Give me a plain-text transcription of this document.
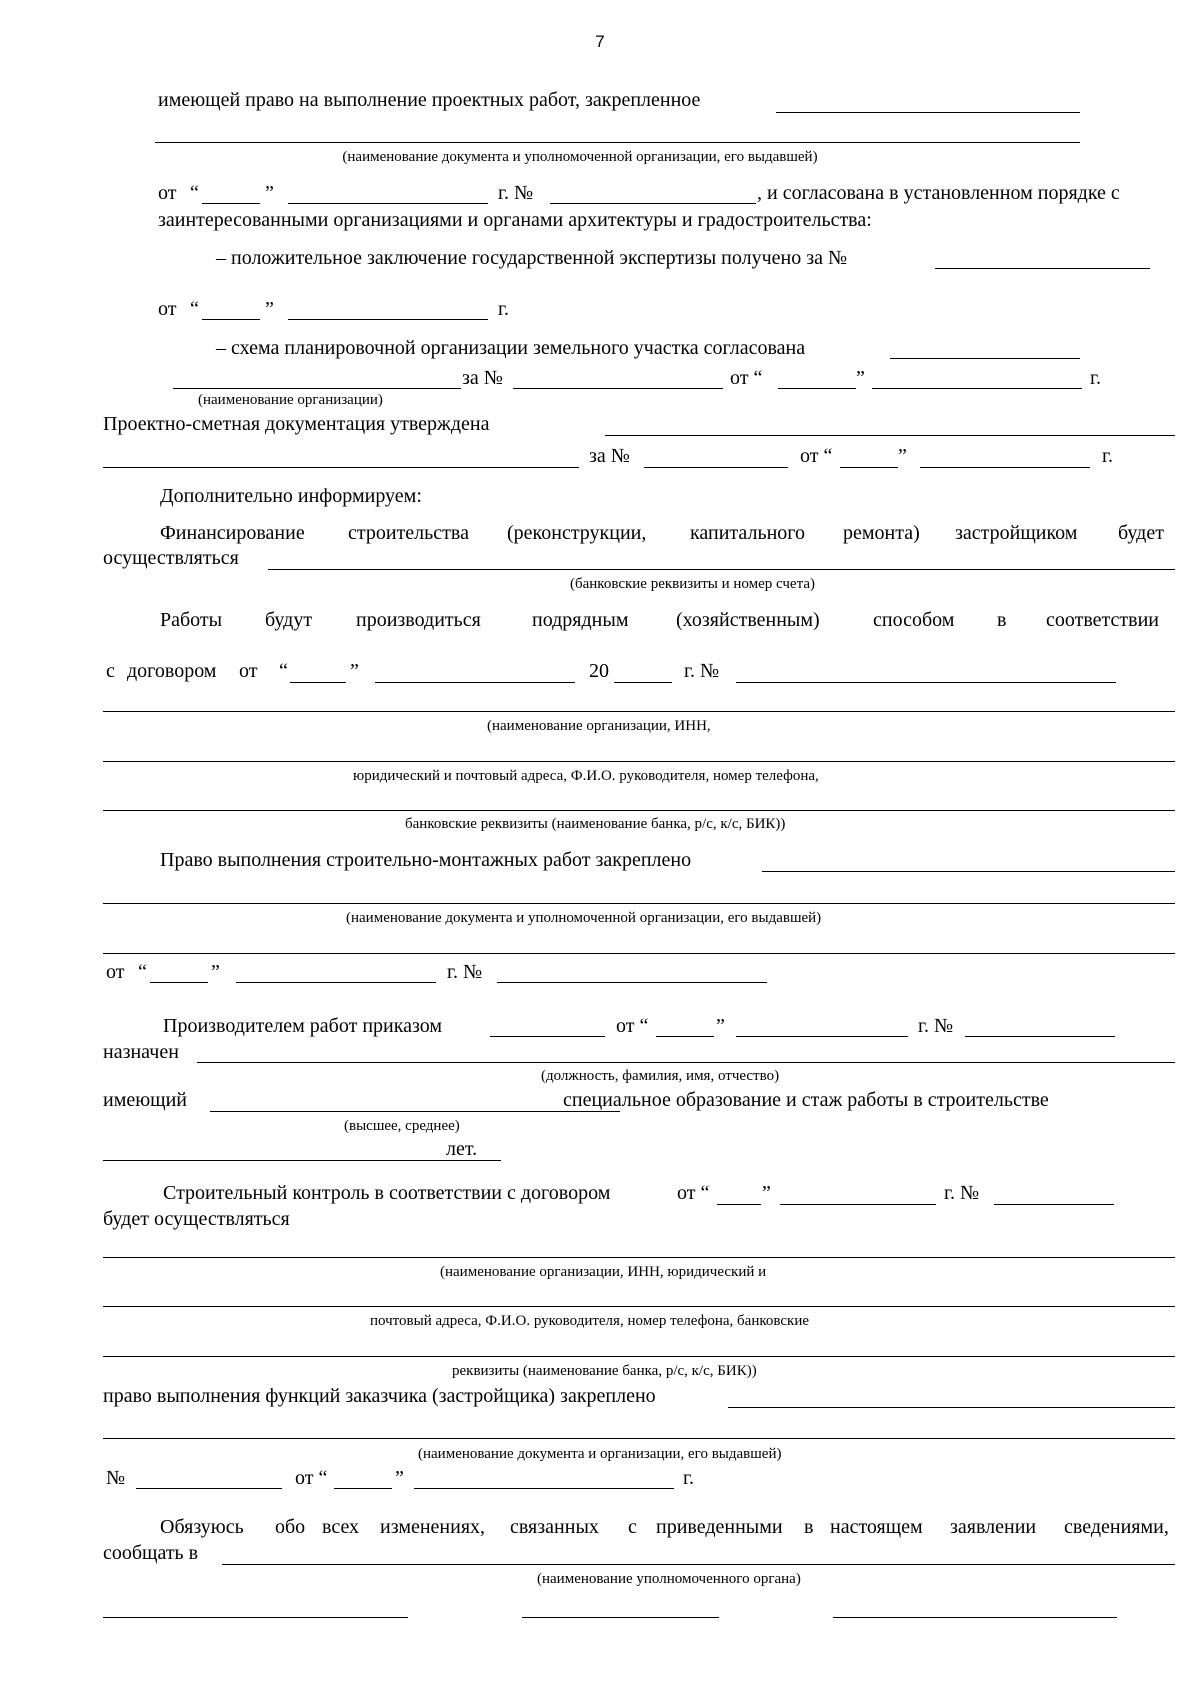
7
имеющей право на выполнение проектных работ, закрепленное
(наименование документа и уполномоченной организации, его выдавшей)
от “	”	г. №	, и согласована в установленном порядке с
заинтересованными организациями и органами архитектуры и градостроительства:
– положительное заключение государственной экспертизы получено за №
от “	”	г.
– схема планировочной организации земельного участка согласована
за №	от “	”	г.
(наименование организации)
Проектно-сметная документация утверждена
за №	от “	”	г.
Дополнительно информируем:
Финансирование строительства (реконструкции, капитального ремонта) застройщиком будет
осуществляться
(банковские реквизиты и номер счета)
Работы будут производиться	подрядным (хозяйственным)	способом в соответствии
с договором от “	”	20	г. №
(наименование организации, ИНН,
юридический и почтовый адреса, Ф.И.О. руководителя, номер телефона,
банковские реквизиты (наименование банка, р/с, к/с, БИК))
Право выполнения строительно-монтажных работ закреплено
(наименование документа и уполномоченной организации, его выдавшей)
от “	”	г. №
Производителем работ приказом	от “	”	г. №
назначен
(должность, фамилия, имя, отчество)
имеющий	специальное образование и стаж работы в строительстве
(высшее, среднее)
лет.
Строительный контроль в соответствии с договором	от “	”	г. №
будет осуществляться
(наименование организации, ИНН, юридический и
почтовый адреса, Ф.И.О. руководителя, номер телефона, банковские
реквизиты (наименование банка, р/с, к/с, БИК))
право выполнения функций заказчика (застройщика) закреплено
(наименование документа и организации, его выдавшей)
№	от “	”	г.
Обязуюсь обо всех изменениях, связанных с приведенными в настоящем заявлении сведениями,
сообщать в
(наименование уполномоченного органа)
